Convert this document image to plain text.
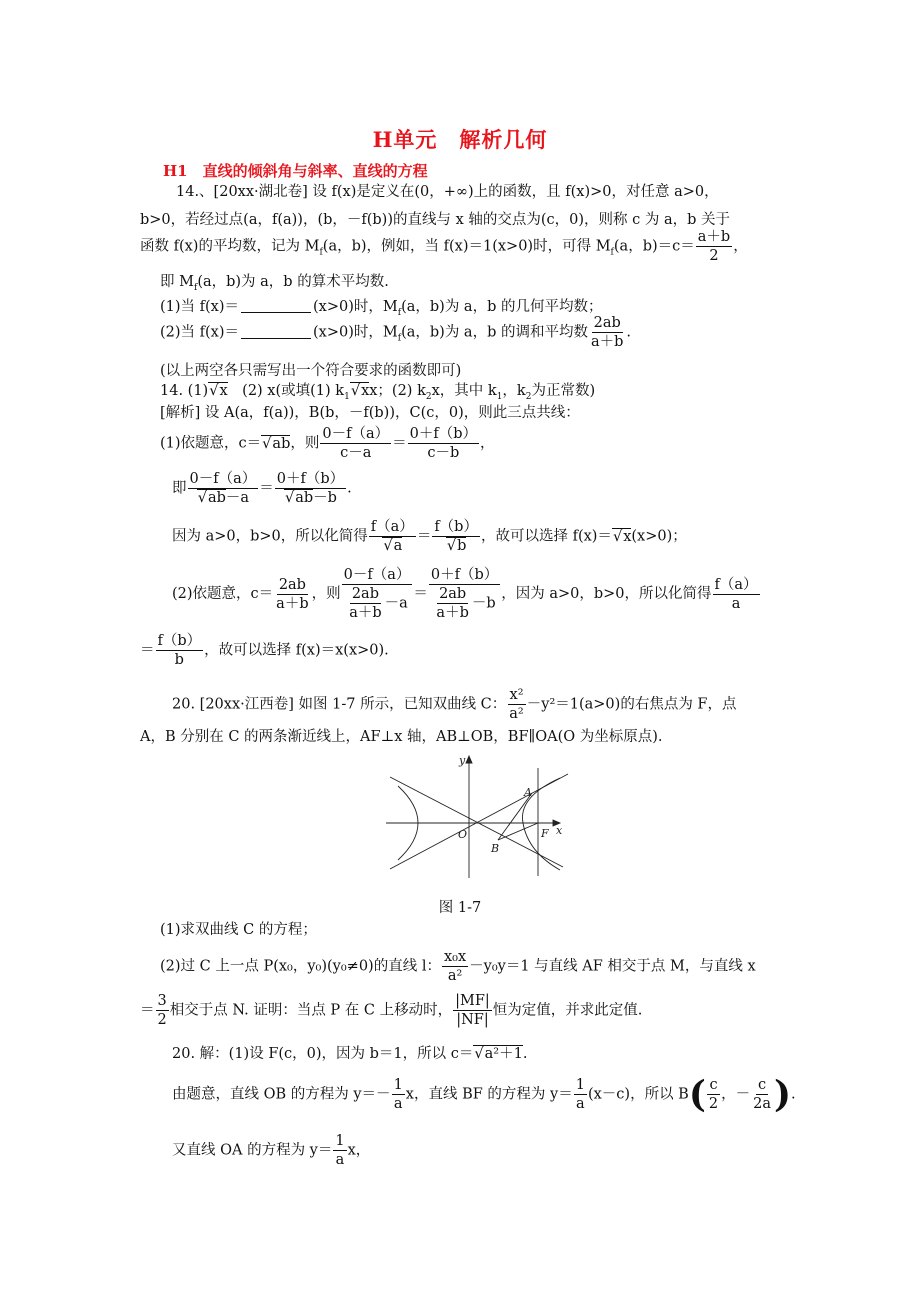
H单元　解析几何
H1　直线的倾斜角与斜率、直线的方程
14.、[20xx·湖北卷] 设 f(x)是定义在(0，+∞)上的函数，且 f(x)>0，对任意 a>0，
b>0，若经过点(a，f(a))，(b，－f(b))的直线与 x 轴的交点为(c，0)，则称 c 为 a，b 关于
函数 f(x)的平均数，记为 $M_f(a$，b)，例如，当 f(x)＝1(x>0)时，可得 $M_f(a$，$b)=c= \frac{a+b}{2}$ ，
即 $M_f(a$，b)为 a，b 的算术平均数.
(1)当 f(x)＝	(x>0)时，$M_f(a$，b)为 a，b 的几何平均数；
(2)当 f(x)＝	(x>0)时，$M_f(a$，b)为 a，b 的调和平均数 $\frac{2ab}{a+b}$ .
(以上两空各只需写出一个符合要求的函数即可)
14. (1) √ x　(2) x(或填(1) $k_1$ √ xx；(2) $k_2x$，其中 $k_1$，$k_2$为正常数)
[解析] 设 A(a，f(a))，B(b，－f(b))，C(c，0)，则此三点共线：
(1)依题意，c＝ √ ab，则 $\frac{0-f(a)}{c-a} = \frac{0+f(b)}{c-b}$ ，
即 0－f（a）
√ ab－a ＝ 0＋f（b）
√ ab－b .
因为 a>0，b>0，所以化简得 f（a）
√ a ＝ f（b）
√ b ，故可以选择 f(x)＝ √ x(x>0)；
(2)依题意，$c= \frac{2ab}{a+b}$ ，则 $\frac{0-f(a)}{\frac{2ab}{a+b} -a} = \frac{0+f(b)}{\frac{2ab}{a+b} -b}$ ，因为 a>0，b>0，所以化简得 $\frac{f(a)}{a}$
＝ $\frac{f(b)}{b}$ ，故可以选择 f(x)＝x(x>0).
20. [20xx·江西卷] 如图 1-7 所示，已知双曲线 C： $\frac{\text{x²}}{\text{a²}} -y^2=1(a>0)$的右焦点为 F，点
A，B 分别在 C 的两条渐近线上，AF⊥x 轴，AB⊥OB，BF∥OA(O 为坐标原点).
y
x
O
A
B
F
图 1-7
(1)求双曲线 C 的方程；
(2)过 C 上一点 P(x₀，y₀)(y₀≠0)的直线 l： $\frac{\text{x₀x}}{\text{a²}} -y_0y=1$ 与直线 AF 相交于点 M，与直线 x
＝ $\frac{3}{2}$ 相交于点 N. 证明：当点 P 在 C 上移动时， $\frac{|MF|}{|NF|}$ 恒为定值，并求此定值.
20. 解：(1)设 F(c，0)，因为 b＝1，所以 c＝ √ a²＋1.
由题意，直线 OB 的方程为 $y=- \frac{1}{a}$ x，直线 BF 的方程为 $y= \frac{1}{a} (x-c)$，所以 $B( \frac{c}{2}$ ，－ $\frac{c}{2a}$ ).
又直线 OA 的方程为 $y= \frac{1}{a}$ x，
